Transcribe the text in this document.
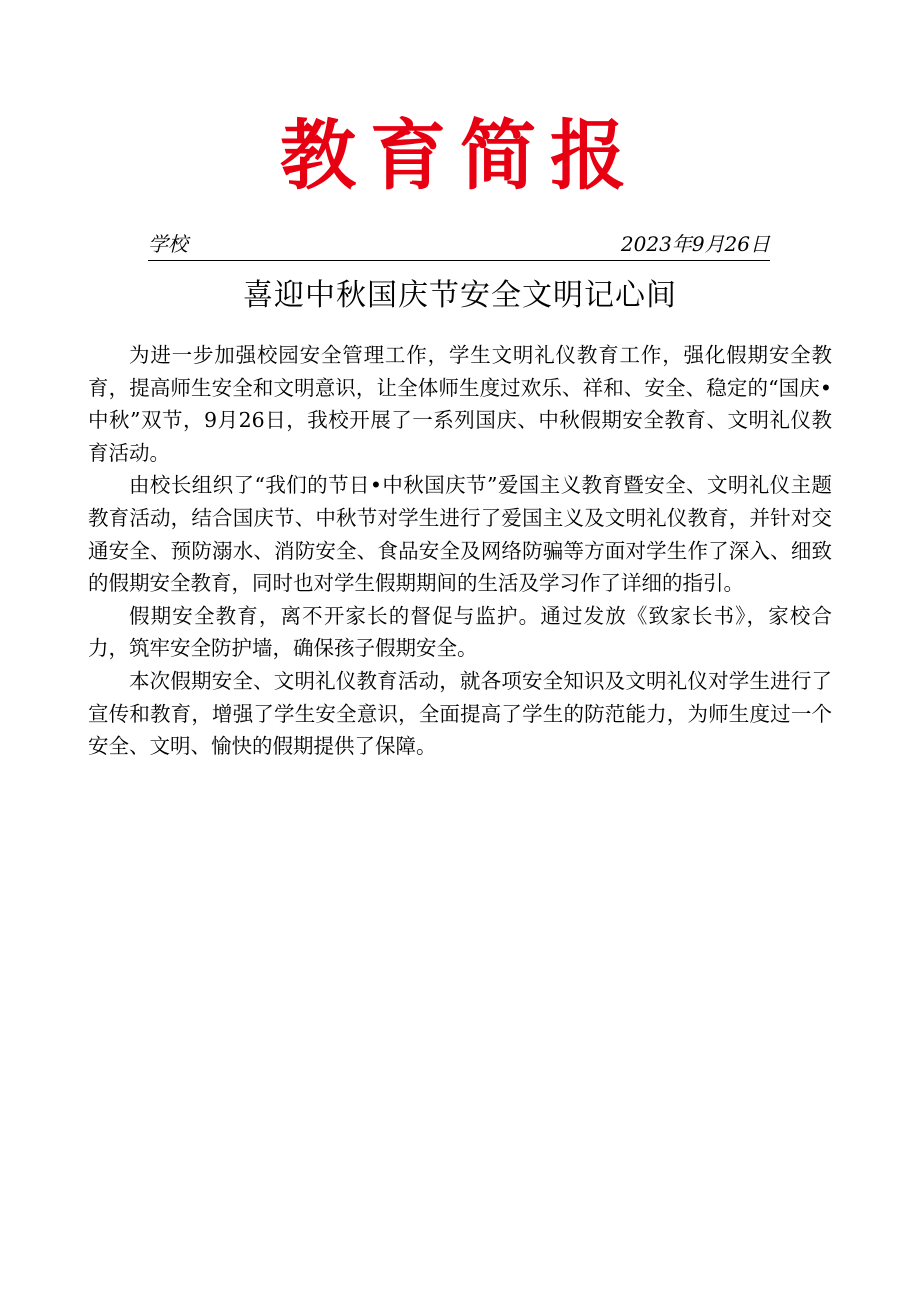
教育简报
学校	2023年9月26日
喜迎中秋国庆节安全文明记心间

为进一步加强校园安全管理工作，学生文明礼仪教育工作，强化假期安全教育，提高师生安全和文明意识，让全体师生度过欢乐、祥和、安全、稳定的“国庆•中秋”双节，9月26日，我校开展了一系列国庆、中秋假期安全教育、文明礼仪教育活动。

由校长组织了“我们的节日•中秋国庆节”爱国主义教育暨安全、文明礼仪主题教育活动，结合国庆节、中秋节对学生进行了爱国主义及文明礼仪教育，并针对交通安全、预防溺水、消防安全、食品安全及网络防骗等方面对学生作了深入、细致的假期安全教育，同时也对学生假期期间的生活及学习作了详细的指引。

假期安全教育，离不开家长的督促与监护。通过发放《致家长书》，家校合力，筑牢安全防护墙，确保孩子假期安全。

本次假期安全、文明礼仪教育活动，就各项安全知识及文明礼仪对学生进行了宣传和教育，增强了学生安全意识，全面提高了学生的防范能力，为师生度过一个安全、文明、愉快的假期提供了保障。
